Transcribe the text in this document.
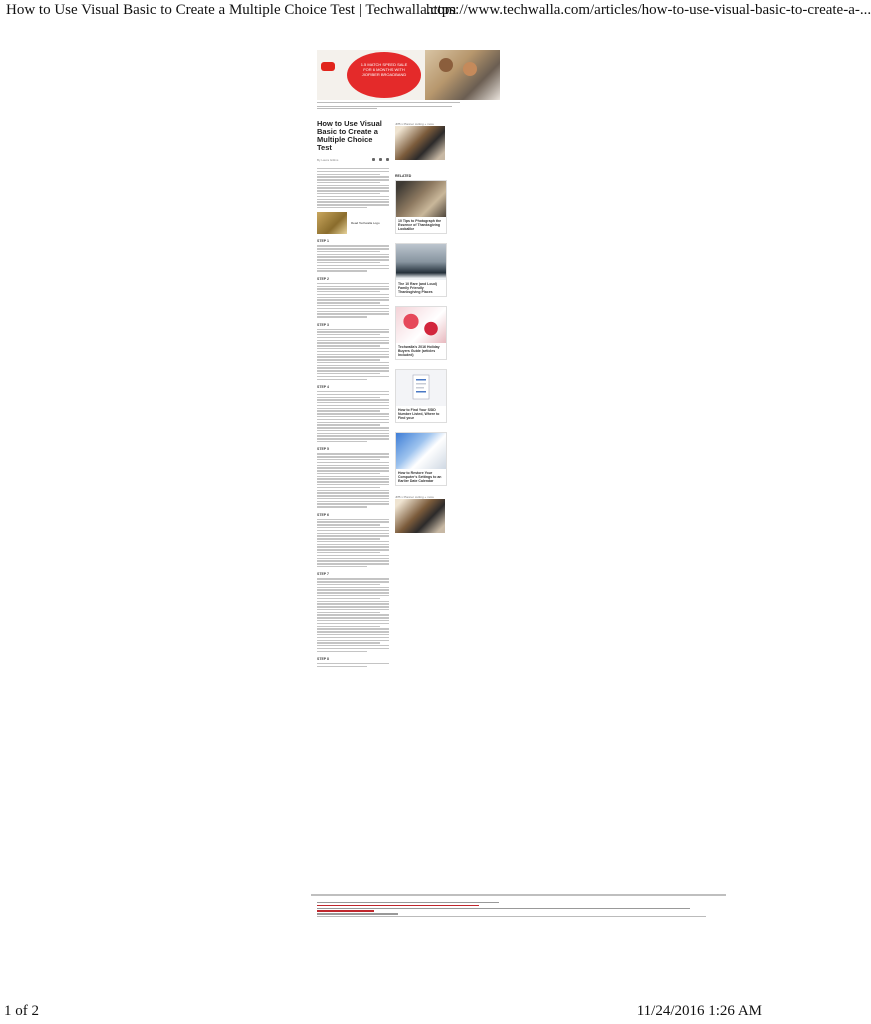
How to Use Visual Basic to Create a Multiple Choice Test | Techwalla.com
https://www.techwalla.com/articles/how-to-use-visual-basic-to-create-a-...
1.5 MATCH SPEED SALE FOR 6 MONTHS WITH JIOFIBER BROADBAND
How to Use Visual Basic to Create a Multiple Choice Test
By Laura Gittins
Read Techwalla Logo
STEP 1
STEP 2
STEP 3
STEP 4
STEP 5
STEP 6
STEP 7
STEP 8
JPB x Planner cutting + more
RELATED
10 Tips to Photograph the Essence of Thanksgiving Lookalike
The 10 Rare (and Loud) Family Friendly Thanksgiving Places
Techwalla's 2016 Holiday Buyers Guide (articles Included)
How to Find Your SSID Number Listed, Where to Find your
How to Restore Your Computer's Settings to an Earlier Date Calendar
JPB x Planner cutting + more
1 of 2	11/24/2016 1:26 AM
